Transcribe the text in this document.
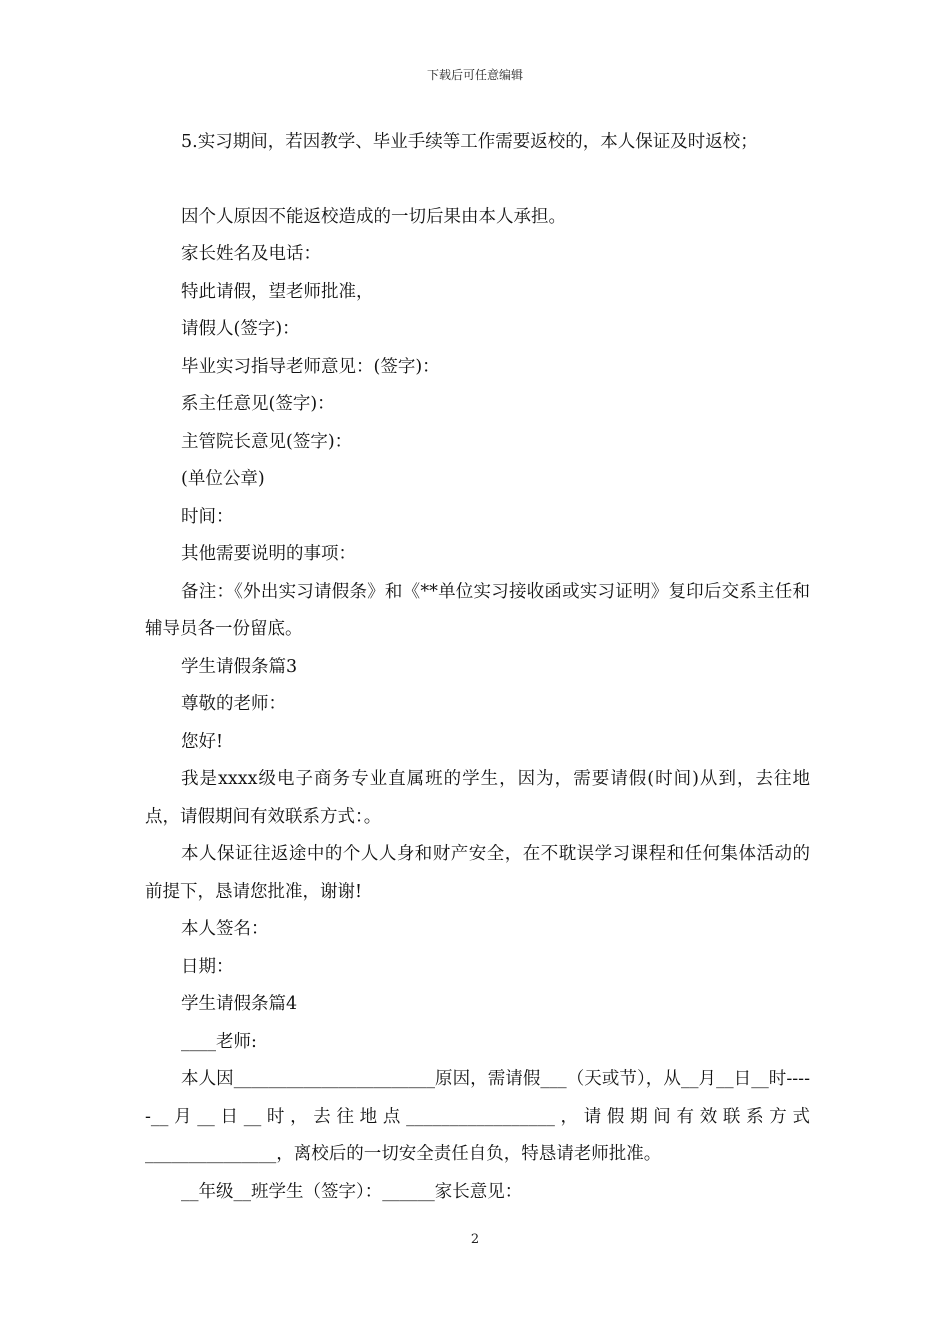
下载后可任意编辑

5.实习期间，若因教学、毕业手续等工作需要返校的，本人保证及时返校；

因个人原因不能返校造成的一切后果由本人承担。

家长姓名及电话：

特此请假，望老师批准，

请假人(签字)：

毕业实习指导老师意见：(签字)：

系主任意见(签字)：

主管院长意见(签字)：

(单位公章)

时间：

其他需要说明的事项：

备注：《外出实习请假条》和《**单位实习接收函或实习证明》复印后交系主任和辅导员各一份留底。

学生请假条篇3

尊敬的老师：

您好!

我是xxxx级电子商务专业直属班的学生，因为，需要请假(时间)从到，去往地点，请假期间有效联系方式：。

本人保证往返途中的个人人身和财产安全，在不耽误学习课程和任何集体活动的前提下，恳请您批准，谢谢!

本人签名：

日期：

学生请假条篇4

____老师:

本人因_______________________原因，需请假___（天或节），从__月__日__时-----__月__日__时，去往地点_________________，请假期间有效联系方式_______________，离校后的一切安全责任自负，特恳请老师批准。

__年级__班学生（签字）：______家长意见：

2
